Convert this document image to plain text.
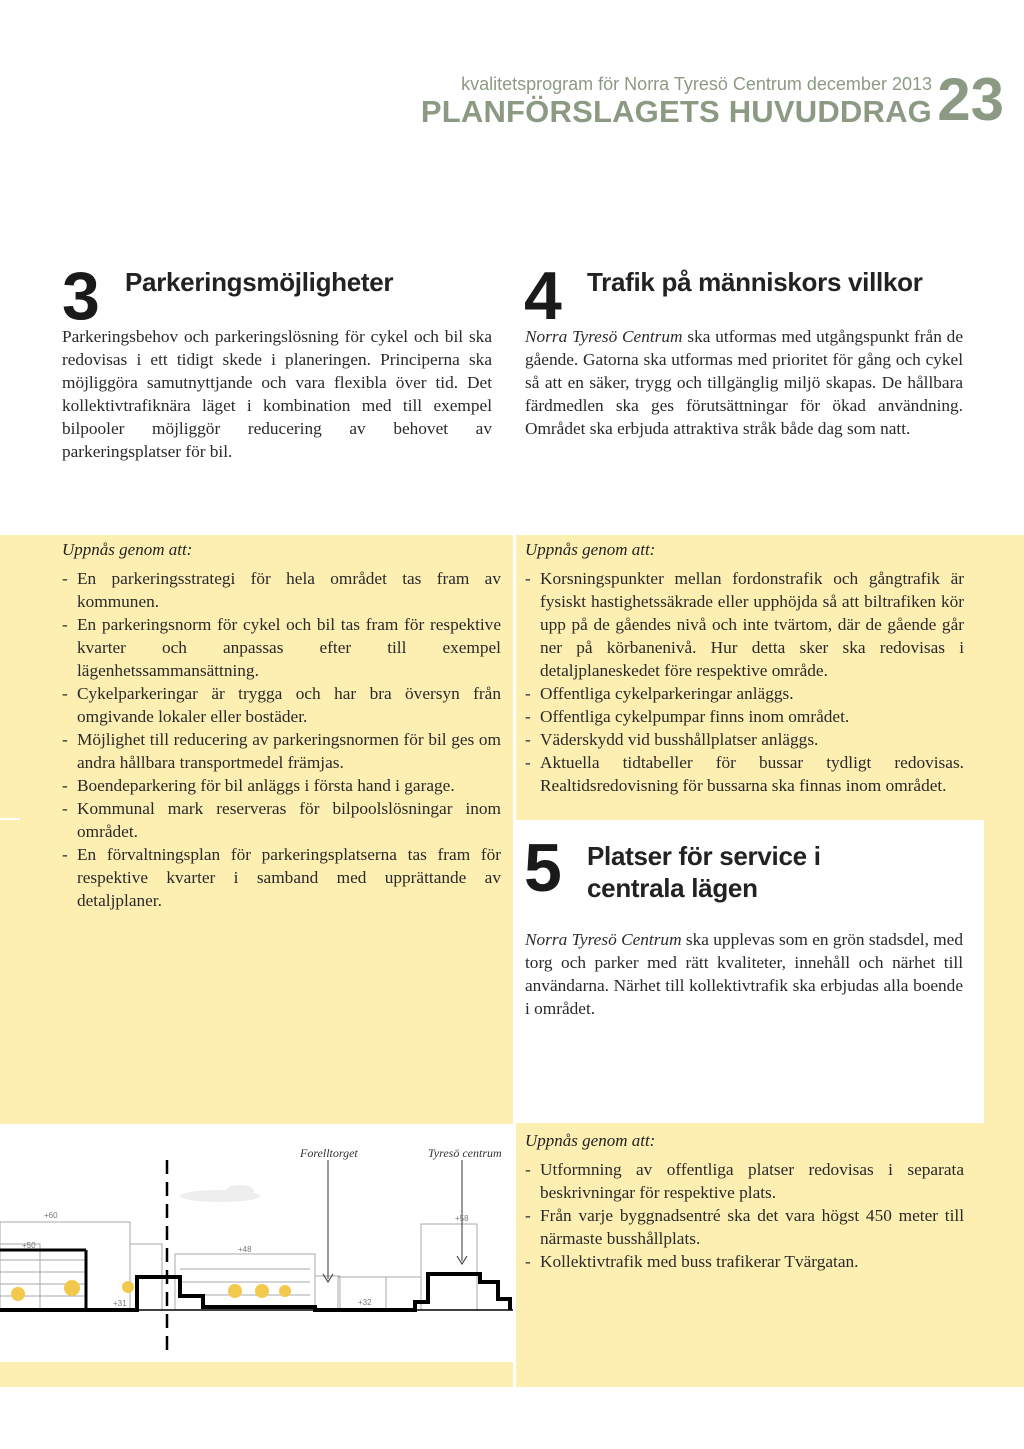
kvalitetsprogram för Norra Tyresö Centrum december 2013
PLANFÖRSLAGETS HUVUDDRAG 23
3 Parkeringsmöjligheter
Parkeringsbehov och parkeringslösning för cykel och bil ska redovisas i ett tidigt skede i planeringen. Principerna ska möjliggöra samutnyttjande och vara flexibla över tid. Det kollektivtrafiknära läget i kombination med till exempel bilpooler möjliggör reducering av behovet av parkeringsplatser för bil.
4 Trafik på människors villkor
Norra Tyresö Centrum ska utformas med utgångspunkt från de gående. Gatorna ska utformas med prioritet för gång och cykel så att en säker, trygg och tillgänglig miljö skapas. De hållbara färdmedlen ska ges förutsättningar för ökad användning. Området ska erbjuda attraktiva stråk både dag som natt.
Uppnås genom att:
- En parkeringsstrategi för hela området tas fram av kommunen.
- En parkeringsnorm för cykel och bil tas fram för respektive kvarter och anpassas efter till exempel lägenhetssammansättning.
- Cykelparkeringar är trygga och har bra översyn från omgivande lokaler eller bostäder.
- Möjlighet till reducering av parkeringsnormen för bil ges om andra hållbara transportmedel främjas.
- Boendeparkering för bil anläggs i första hand i garage.
- Kommunal mark reserveras för bilpoolslösningar inom området.
- En förvaltningsplan för parkeringsplatserna tas fram för respektive kvarter i samband med upprättande av detaljplaner.
Uppnås genom att:
- Korsningspunkter mellan fordonstrafik och gångtrafik är fysiskt hastighetssäkrade eller upphöjda så att biltrafiken kör upp på de gåendes nivå och inte tvärtom, där de gående går ner på körbanenivå. Hur detta sker ska redovisas i detaljplaneskedet före respektive område.
- Offentliga cykelparkeringar anläggs.
- Offentliga cykelpumpar finns inom området.
- Väderskydd vid busshållplatser anläggs.
- Aktuella tidtabeller för bussar tydligt redovisas. Realtidsredovisning för bussarna ska finnas inom området.
5 Platser för service i
centrala lägen
Norra Tyresö Centrum ska upplevas som en grön stadsdel, med torg och parker med rätt kvaliteter, innehåll och närhet till användarna. Närhet till kollektivtrafik ska erbjudas alla boende i området.
Uppnås genom att:
- Utformning av offentliga platser redovisas i separata beskrivningar för respektive plats.
- Från varje byggnadsentré ska det vara högst 450 meter till närmaste busshållplats.
- Kollektivtrafik med buss trafikerar Tvärgatan.
Forelltorget	Tyresö centrum
+60
+50	+48
+58
+31	+32
